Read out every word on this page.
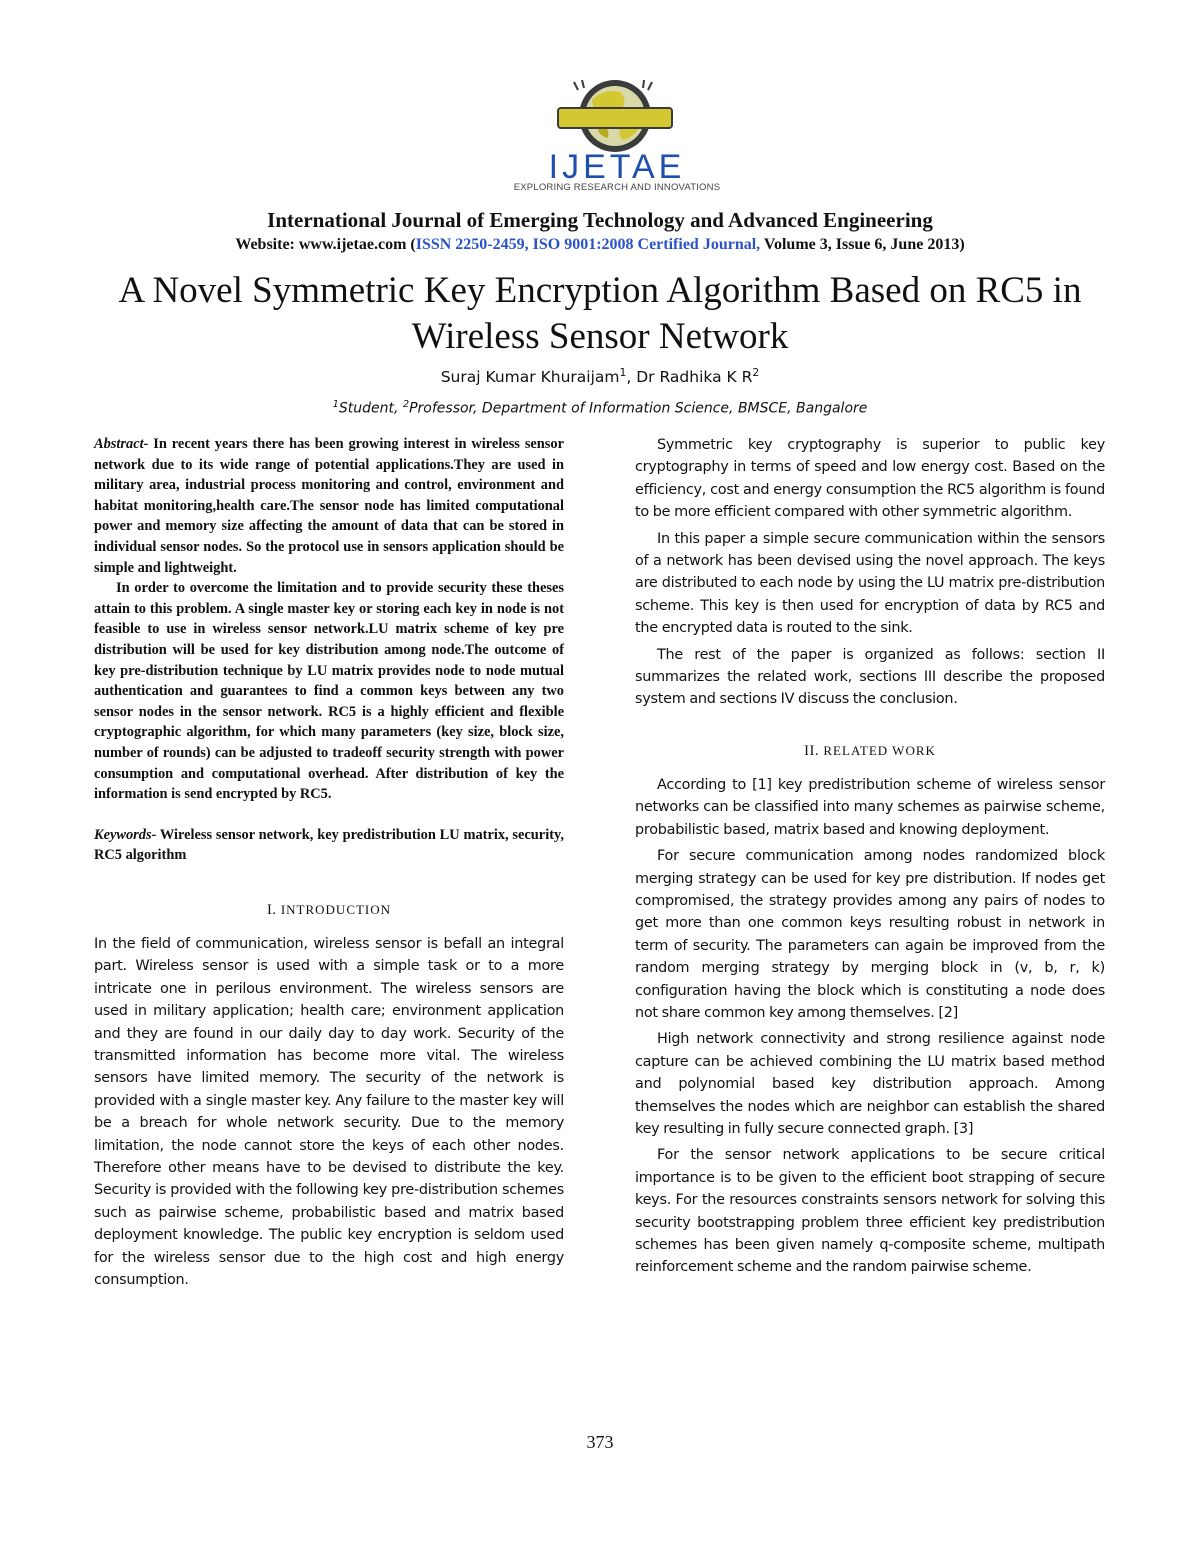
IJETAE
EXPLORING RESEARCH AND INNOVATIONS
International Journal of Emerging Technology and Advanced Engineering
Website: www.ijetae.com (ISSN 2250-2459, ISO 9001:2008 Certified Journal, Volume 3, Issue 6, June 2013)
A Novel Symmetric Key Encryption Algorithm Based on RC5 in Wireless Sensor Network
Suraj Kumar Khuraijam$^1$, Dr Radhika K $R^2$
$^1$Student, $^2$Professor, Department of Information Science, BMSCE, Bangalore

Abstract- In recent years there has been growing interest in wireless sensor network due to its wide range of potential applications.They are used in military area, industrial process monitoring and control, environment and habitat monitoring,health care.The sensor node has limited computational power and memory size affecting the amount of data that can be stored in individual sensor nodes. So the protocol use in sensors application should be simple and lightweight.

In order to overcome the limitation and to provide security these theses attain to this problem. A single master key or storing each key in node is not feasible to use in wireless sensor network.LU matrix scheme of key pre distribution will be used for key distribution among node.The outcome of key pre-distribution technique by LU matrix provides node to node mutual authentication and guarantees to find a common keys between any two sensor nodes in the sensor network. RC5 is a highly efficient and flexible cryptographic algorithm, for which many parameters (key size, block size, number of rounds) can be adjusted to tradeoff security strength with power consumption and computational overhead. After distribution of key the information is send encrypted by RC5.

Keywords- Wireless sensor network, key predistribution LU matrix, security, RC5 algorithm

I. INTRODUCTION

In the field of communication, wireless sensor is befall an integral part. Wireless sensor is used with a simple task or to a more intricate one in perilous environment. The wireless sensors are used in military application; health care; environment application and they are found in our daily day to day work. Security of the transmitted information has become more vital. The wireless sensors have limited memory. The security of the network is provided with a single master key. Any failure to the master key will be a breach for whole network security. Due to the memory limitation, the node cannot store the keys of each other nodes. Therefore other means have to be devised to distribute the key. Security is provided with the following key pre-distribution schemes such as pairwise scheme, probabilistic based and matrix based deployment knowledge. The public key encryption is seldom used for the wireless sensor due to the high cost and high energy consumption.

Symmetric key cryptography is superior to public key cryptography in terms of speed and low energy cost. Based on the efficiency, cost and energy consumption the RC5 algorithm is found to be more efficient compared with other symmetric algorithm.

In this paper a simple secure communication within the sensors of a network has been devised using the novel approach. The keys are distributed to each node by using the LU matrix pre-distribution scheme. This key is then used for encryption of data by RC5 and the encrypted data is routed to the sink.

The rest of the paper is organized as follows: section II summarizes the related work, sections III describe the proposed system and sections IV discuss the conclusion.

II. RELATED WORK

According to [1] key predistribution scheme of wireless sensor networks can be classified into many schemes as pairwise scheme, probabilistic based, matrix based and knowing deployment.

For secure communication among nodes randomized block merging strategy can be used for key pre distribution. If nodes get compromised, the strategy provides among any pairs of nodes to get more than one common keys resulting robust in network in term of security. The parameters can again be improved from the random merging strategy by merging block in (v, b, r, k) configuration having the block which is constituting a node does not share common key among themselves. [2]

High network connectivity and strong resilience against node capture can be achieved combining the LU matrix based method and polynomial based key distribution approach. Among themselves the nodes which are neighbor can establish the shared key resulting in fully secure connected graph. [3]

For the sensor network applications to be secure critical importance is to be given to the efficient boot strapping of secure keys. For the resources constraints sensors network for solving this security bootstrapping problem three efficient key predistribution schemes has been given namely q-composite scheme, multipath reinforcement scheme and the random pairwise scheme.

373
